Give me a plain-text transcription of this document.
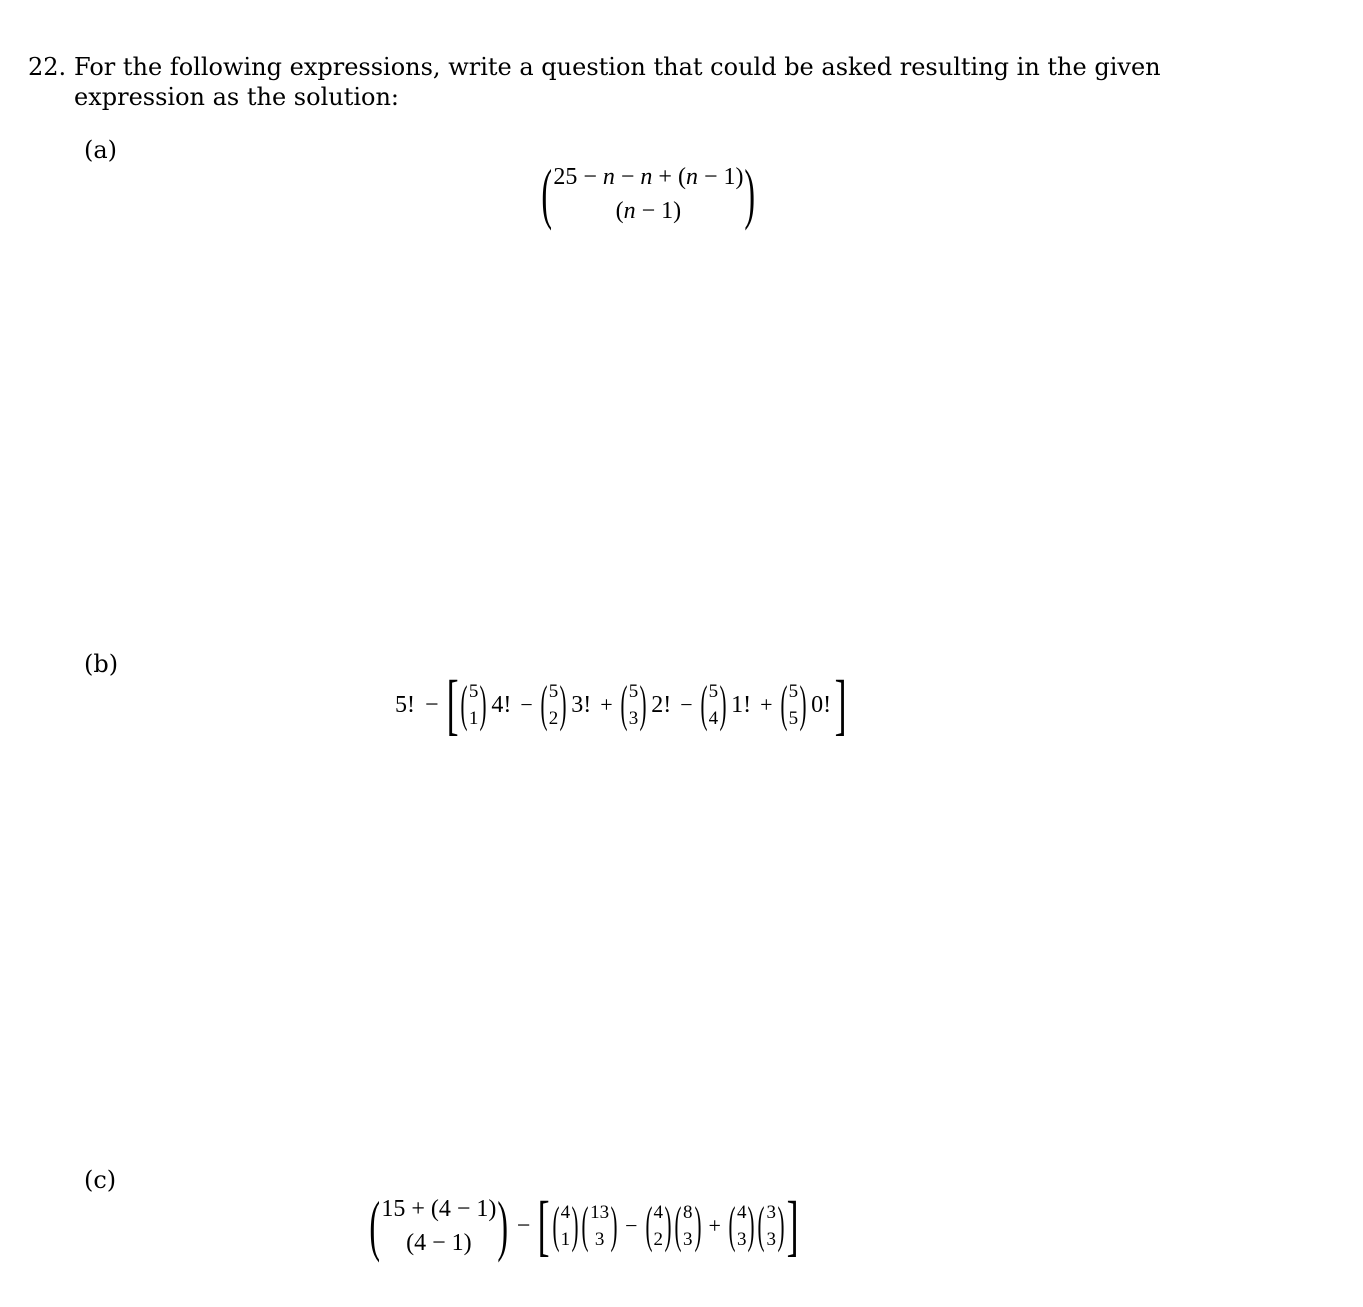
22. For the following expressions, write a question that could be asked resulting in the given expression as the solution:
(a)
( 25 − n − n + (n − 1)
(n − 1) )
(b)
5! − [ ( 5
1 ) 4! − ( 5
2 ) 3! + ( 5
3 ) 2! − ( 5
4 ) 1! + ( 5
5 ) 0! ]
(c)
( 15 + (4 − 1)
(4 − 1) ) − [ ( 4
1 ) ( 13
3 ) − ( 4
2 ) ( 8
3 ) + ( 4
3 ) ( 3
3 ) ]
